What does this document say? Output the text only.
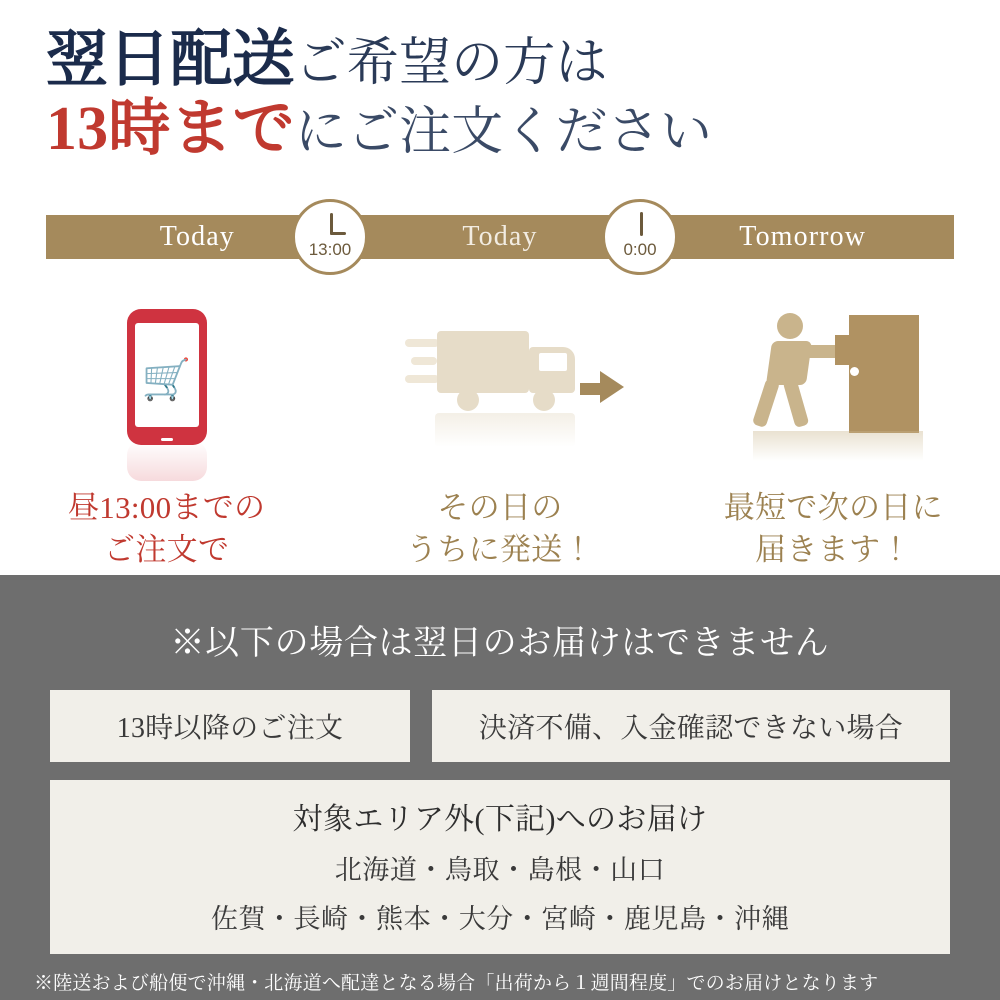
翌日配送ご希望の方は
13時までにご注文ください
Today	Today	Tomorrow
13:00	0:00
🛒
昼13:00までの
ご注文で
その日の
うちに発送！
最短で次の日に
届きます！
※以下の場合は翌日のお届けはできません
13時以降のご注文	決済不備、入金確認できない場合
対象エリア外(下記)へのお届け
北海道・鳥取・島根・山口
佐賀・長崎・熊本・大分・宮崎・鹿児島・沖縄
※陸送および船便で沖縄・北海道へ配達となる場合「出荷から１週間程度」でのお届けとなります
